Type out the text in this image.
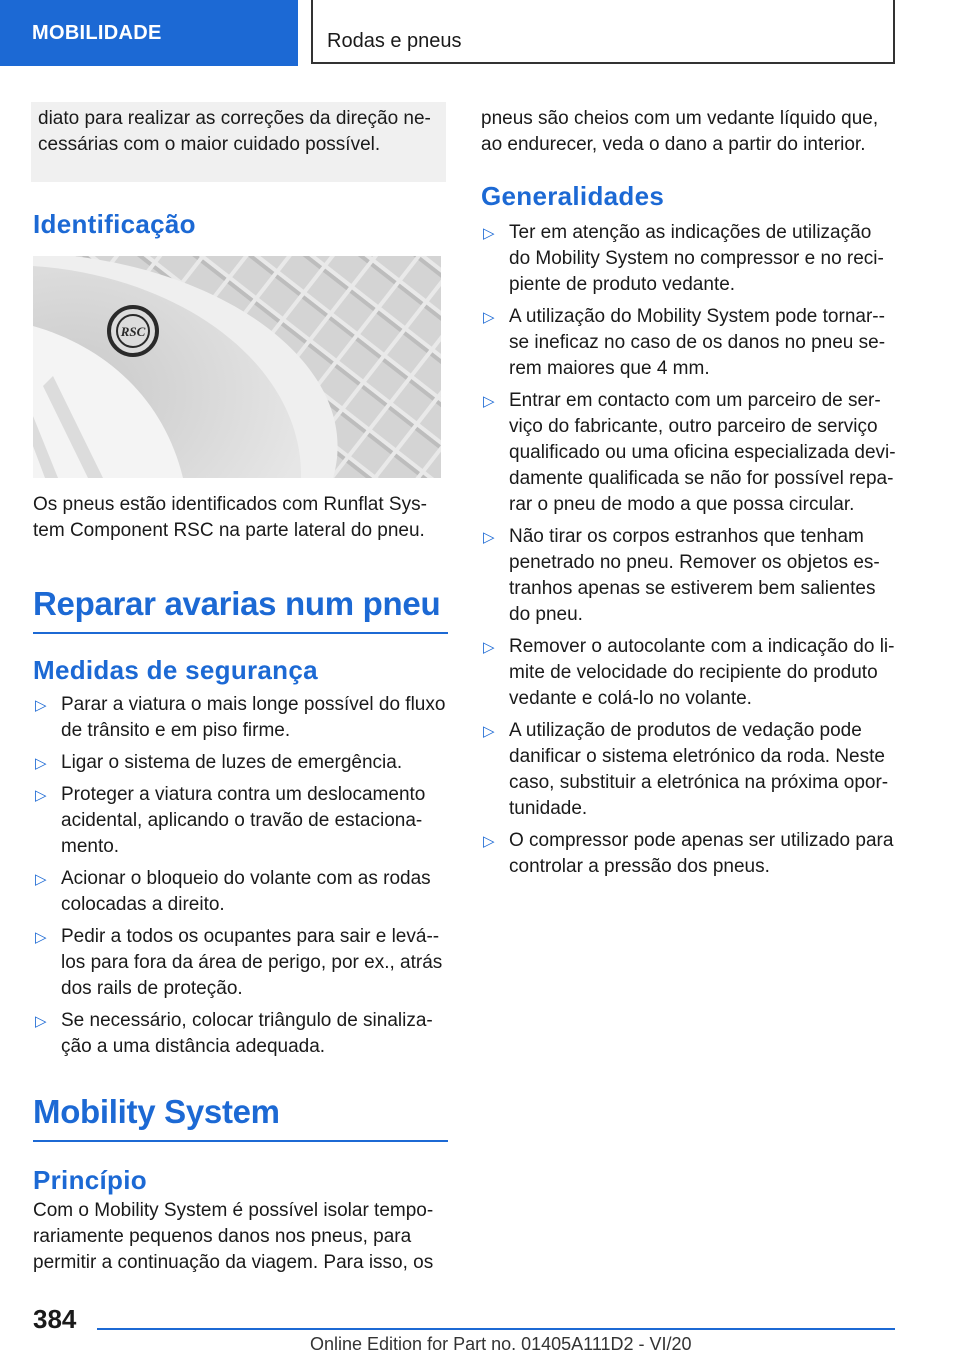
MOBILIDADE	Rodas e pneus
diato para realizar as correções da direção ne-cessárias com o maior cuidado possível.
Identificação
RSC

Os pneus estão identificados com Runflat Sys-tem Component RSC na parte lateral do pneu.

Reparar avarias num pneu
Medidas de segurança
▷ Parar a viatura o mais longe possível do fluxo de trânsito e em piso firme.
▷ Ligar o sistema de luzes de emergência.
▷ Proteger a viatura contra um deslocamento acidental, aplicando o travão de estaciona-mento.
▷ Acionar o bloqueio do volante com as rodas colocadas a direito.
▷ Pedir a todos os ocupantes para sair e levá--los para fora da área de perigo, por ex., atrás dos rails de proteção.
▷ Se necessário, colocar triângulo de sinaliza-ção a uma distância adequada.
Mobility System
Princípio

Com o Mobility System é possível isolar tempo-rariamente pequenos danos nos pneus, para permitir a continuação da viagem. Para isso, os

pneus são cheios com um vedante líquido que, ao endurecer, veda o dano a partir do interior.

Generalidades
▷ Ter em atenção as indicações de utilização do Mobility System no compressor e no reci-piente de produto vedante.
▷ A utilização do Mobility System pode tornar--se ineficaz no caso de os danos no pneu se-rem maiores que 4 mm.
▷ Entrar em contacto com um parceiro de ser-viço do fabricante, outro parceiro de serviço qualificado ou uma oficina especializada devi-damente qualificada se não for possível repa-rar o pneu de modo a que possa circular.
▷ Não tirar os corpos estranhos que tenham penetrado no pneu. Remover os objetos es-tranhos apenas se estiverem bem salientes do pneu.
▷ Remover o autocolante com a indicação do li-mite de velocidade do recipiente do produto vedante e colá-lo no volante.
▷ A utilização de produtos de vedação pode danificar o sistema eletrónico da roda. Neste caso, substituir a eletrónica na próxima opor-tunidade.
▷ O compressor pode apenas ser utilizado para controlar a pressão dos pneus.
384
Online Edition for Part no. 01405A111D2 - VI/20
